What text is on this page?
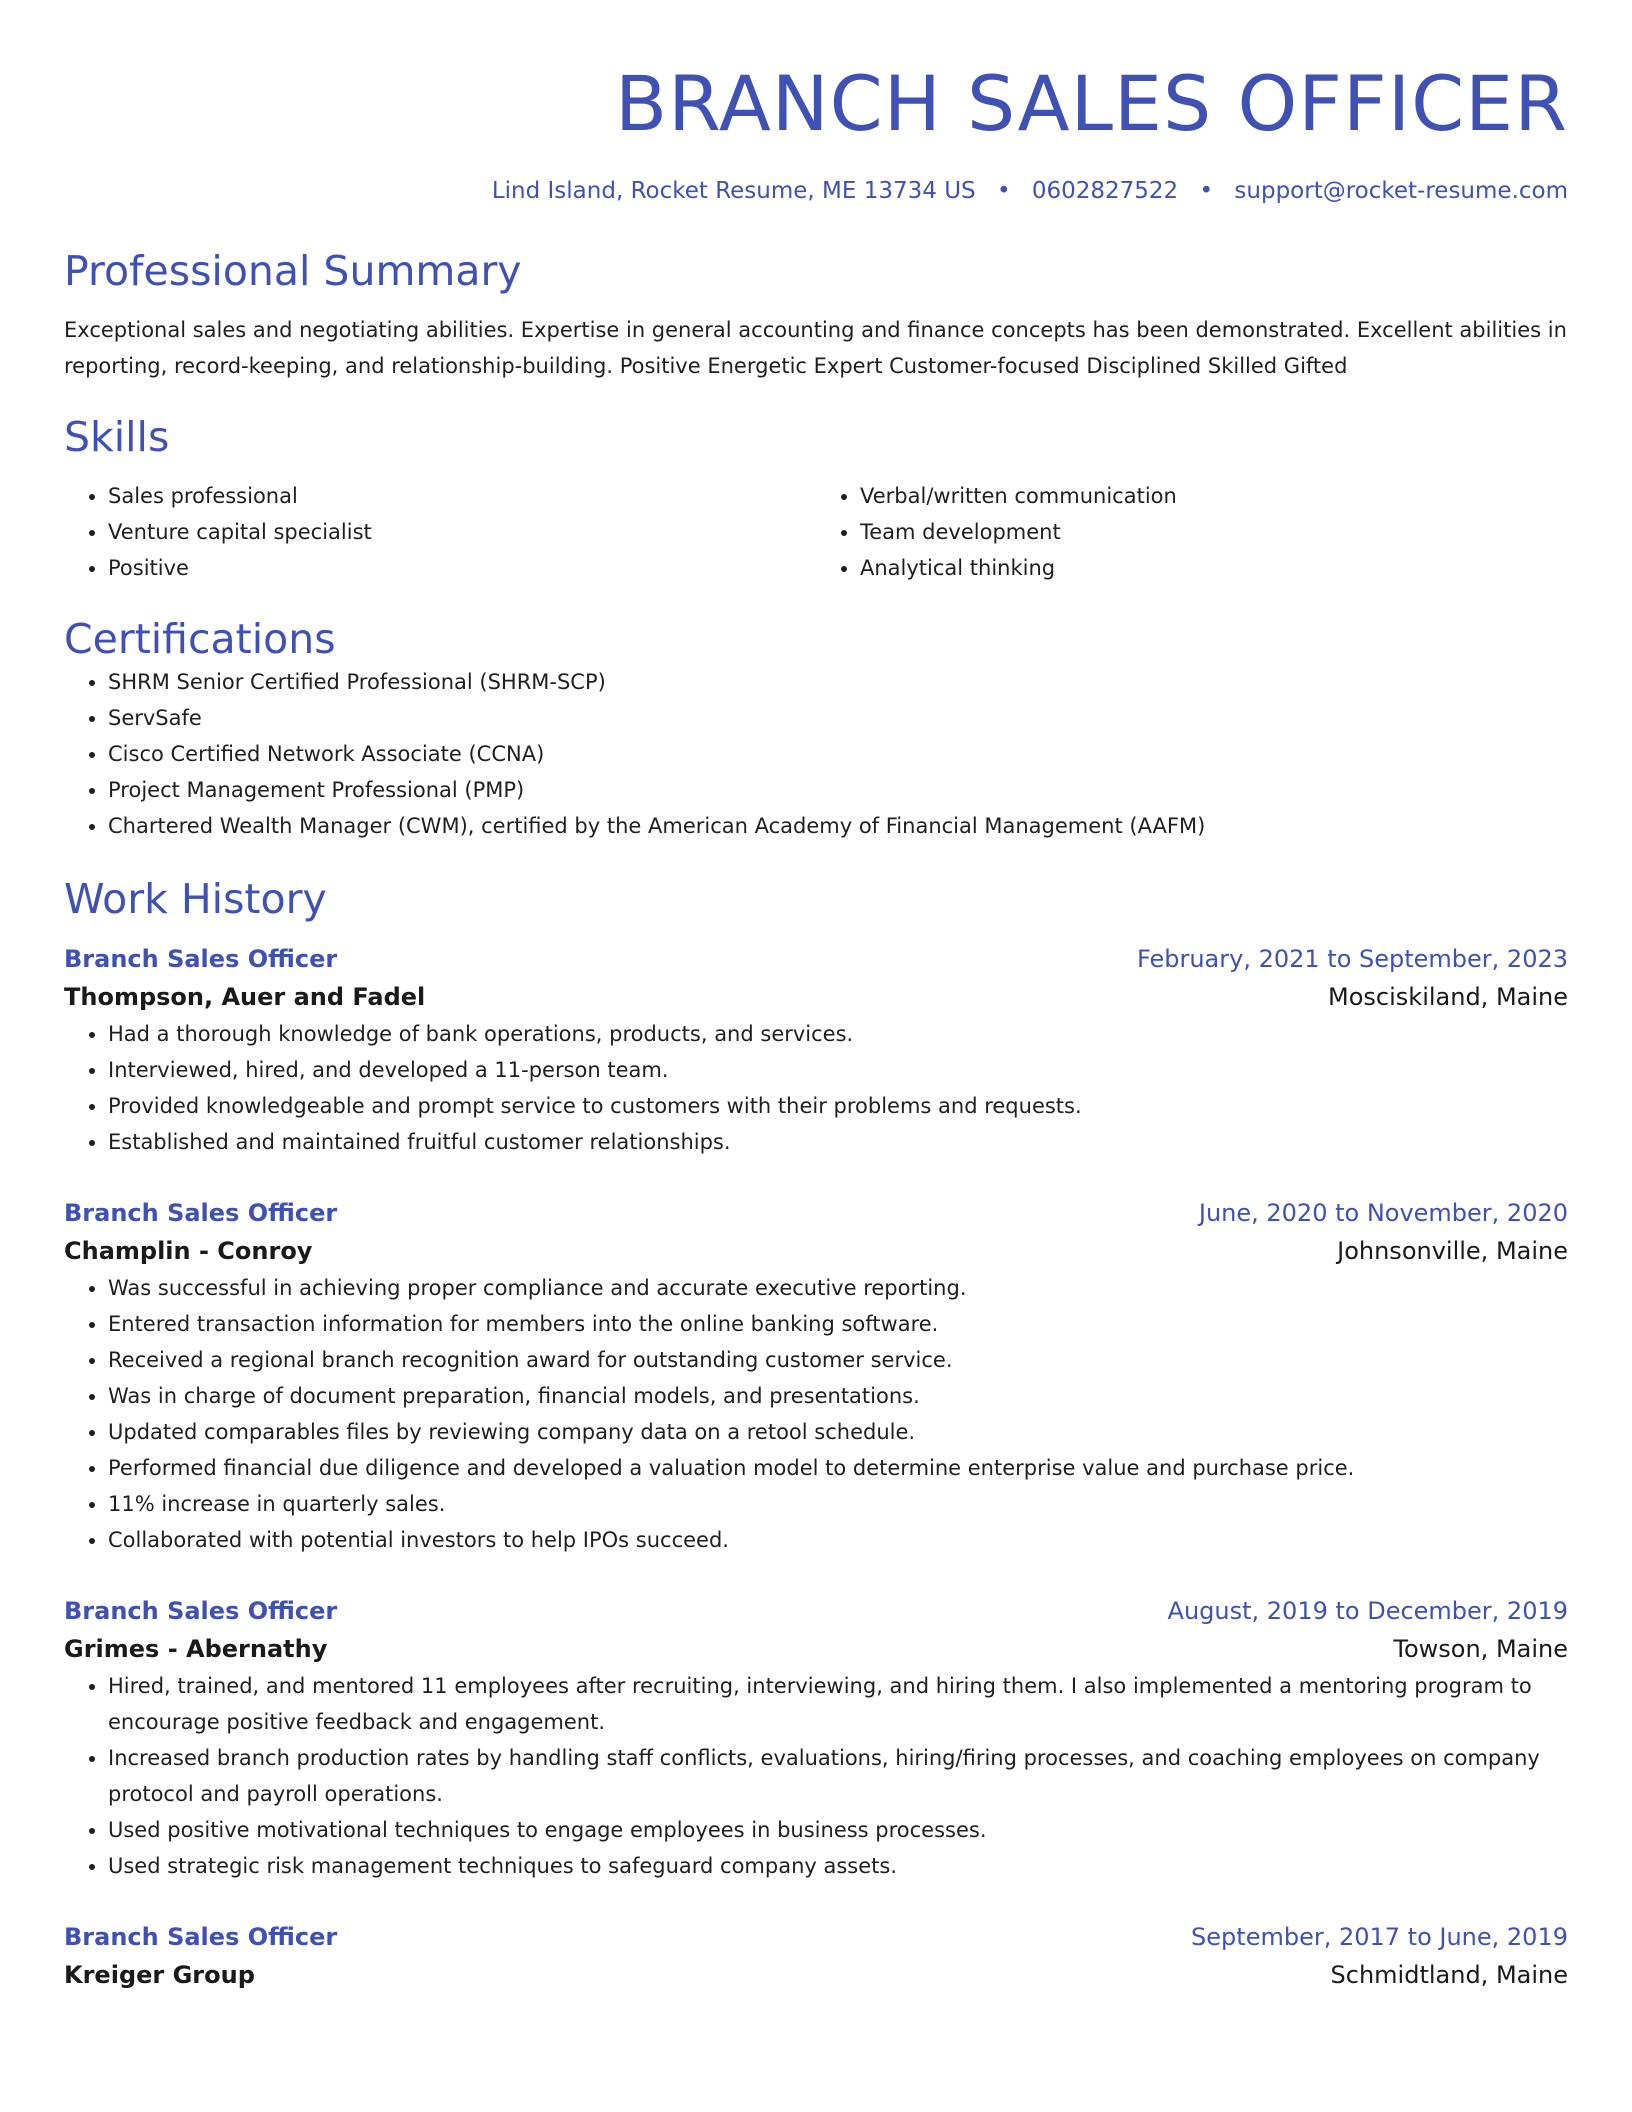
BRANCH SALES OFFICER
Lind Island, Rocket Resume, ME 13734 US • 0602827522 • support@rocket-resume.com
Professional Summary
Exceptional sales and negotiating abilities. Expertise in general accounting and finance concepts has been demonstrated. Excellent abilities in reporting, record-keeping, and relationship-building. Positive Energetic Expert Customer-focused Disciplined Skilled Gifted
Skills
• Sales professional
• Venture capital specialist
• Positive
• Verbal/written communication
• Team development
• Analytical thinking
Certifications
• SHRM Senior Certified Professional (SHRM-SCP)
• ServSafe
• Cisco Certified Network Associate (CCNA)
• Project Management Professional (PMP)
• Chartered Wealth Manager (CWM), certified by the American Academy of Financial Management (AAFM)
Work History
Branch Sales Officer	February, 2021 to September, 2023
Thompson, Auer and Fadel	Mosciskiland, Maine
• Had a thorough knowledge of bank operations, products, and services.
• Interviewed, hired, and developed a 11-person team.
• Provided knowledgeable and prompt service to customers with their problems and requests.
• Established and maintained fruitful customer relationships.
Branch Sales Officer	June, 2020 to November, 2020
Champlin - Conroy	Johnsonville, Maine
• Was successful in achieving proper compliance and accurate executive reporting.
• Entered transaction information for members into the online banking software.
• Received a regional branch recognition award for outstanding customer service.
• Was in charge of document preparation, financial models, and presentations.
• Updated comparables files by reviewing company data on a retool schedule.
• Performed financial due diligence and developed a valuation model to determine enterprise value and purchase price.
• 11% increase in quarterly sales.
• Collaborated with potential investors to help IPOs succeed.
Branch Sales Officer	August, 2019 to December, 2019
Grimes - Abernathy	Towson, Maine
• Hired, trained, and mentored 11 employees after recruiting, interviewing, and hiring them. I also implemented a mentoring program to encourage positive feedback and engagement.
• Increased branch production rates by handling staff conflicts, evaluations, hiring/firing processes, and coaching employees on company protocol and payroll operations.
• Used positive motivational techniques to engage employees in business processes.
• Used strategic risk management techniques to safeguard company assets.
Branch Sales Officer	September, 2017 to June, 2019
Kreiger Group	Schmidtland, Maine
